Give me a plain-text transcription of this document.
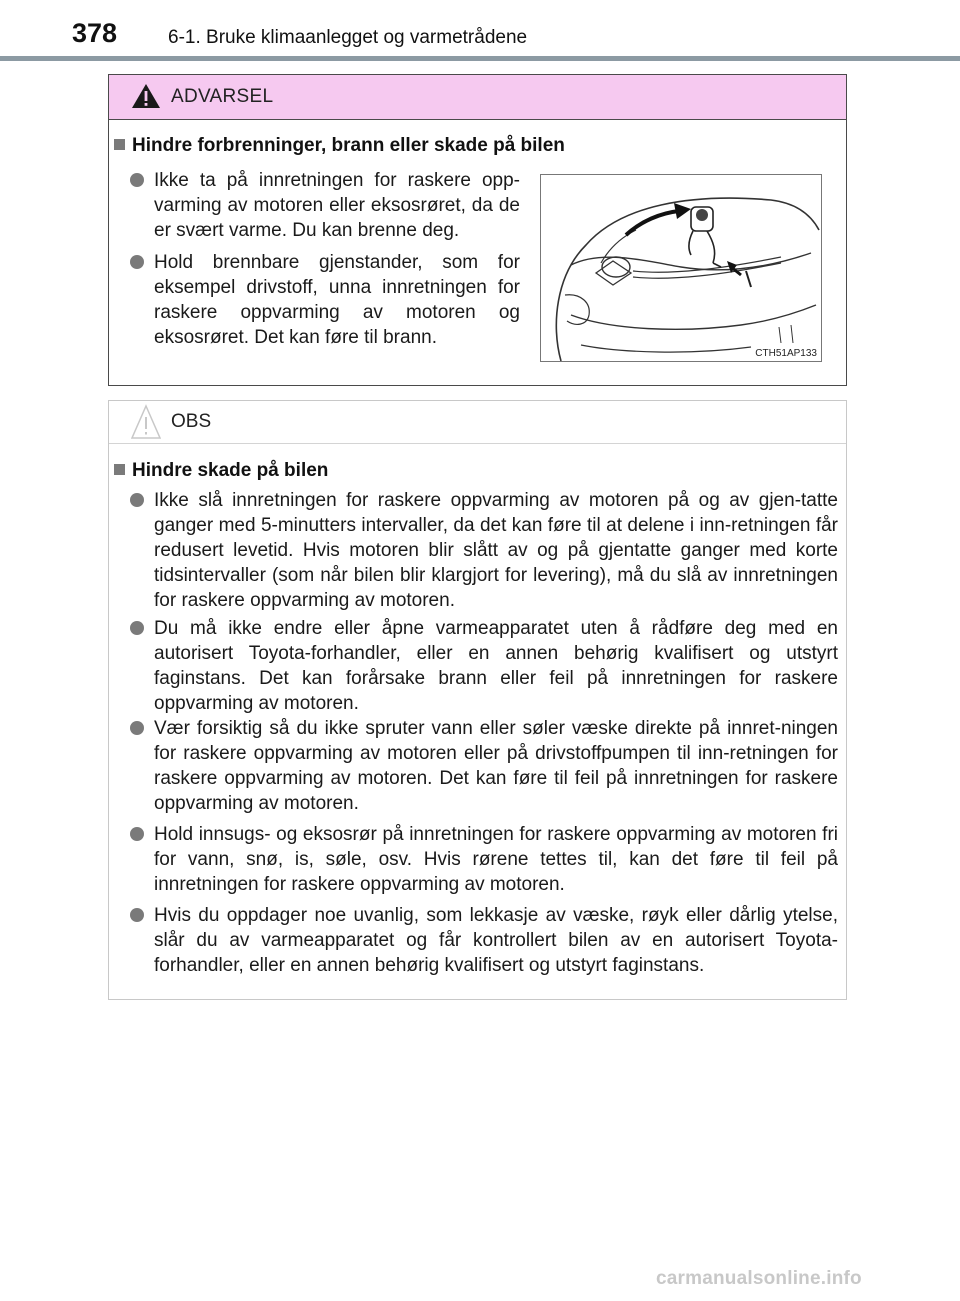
378	6-1. Bruke klimaanlegget og varmetrådene
ADVARSEL
Hindre forbrenninger, brann eller skade på bilen
Ikke ta på innretningen for raskere opp-varming av motoren eller eksosrøret, da de er svært varme. Du kan brenne deg.
Hold brennbare gjenstander, som for eksempel drivstoff, unna innretningen for raskere oppvarming av motoren og eksosrøret. Det kan føre til brann.
CTH51AP133
OBS
Hindre skade på bilen
Ikke slå innretningen for raskere oppvarming av motoren på og av gjen-tatte ganger med 5-minutters intervaller, da det kan føre til at delene i inn-retningen får redusert levetid. Hvis motoren blir slått av og på gjentatte ganger med korte tidsintervaller (som når bilen blir klargjort for levering), må du slå av innretningen for raskere oppvarming av motoren.
Du må ikke endre eller åpne varmeapparatet uten å rådføre deg med en autorisert Toyota-forhandler, eller en annen behørig kvalifisert og utstyrt faginstans. Det kan forårsake brann eller feil på innretningen for raskere oppvarming av motoren.
Vær forsiktig så du ikke spruter vann eller søler væske direkte på innret-ningen for raskere oppvarming av motoren eller på drivstoffpumpen til inn-retningen for raskere oppvarming av motoren. Det kan føre til feil på innretningen for raskere oppvarming av motoren.
Hold innsugs- og eksosrør på innretningen for raskere oppvarming av motoren fri for vann, snø, is, søle, osv. Hvis rørene tettes til, kan det føre til feil på innretningen for raskere oppvarming av motoren.
Hvis du oppdager noe uvanlig, som lekkasje av væske, røyk eller dårlig ytelse, slår du av varmeapparatet og får kontrollert bilen av en autorisert Toyota-forhandler, eller en annen behørig kvalifisert og utstyrt faginstans.
carmanualsonline.info
